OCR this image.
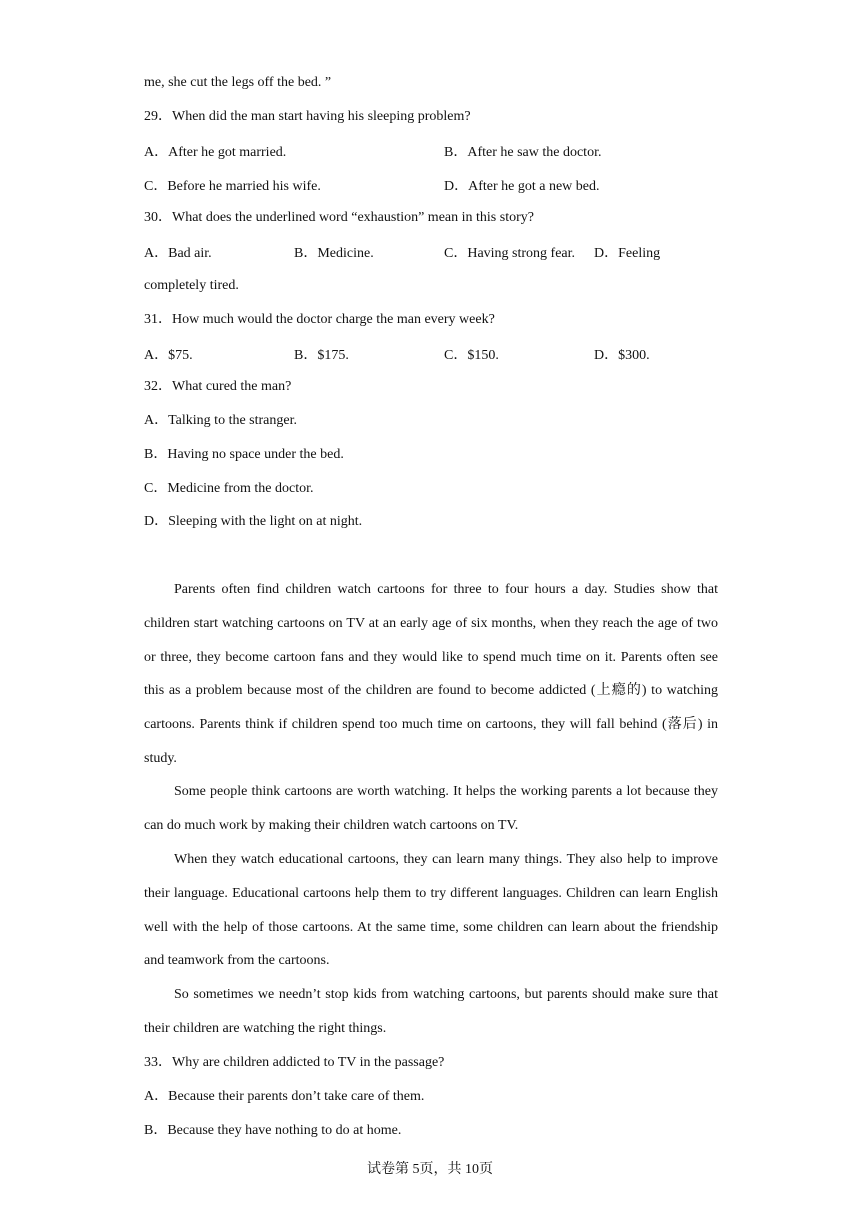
me, she cut the legs off the bed. ”
29．When did the man start having his sleeping problem?
A．After he got married.	B．After he saw the doctor.
C．Before he married his wife.	D．After he got a new bed.
30．What does the underlined word “exhaustion” mean in this story?
A．Bad air.	B．Medicine.	C．Having strong fear. D．Feeling
completely tired.
31．How much would the doctor charge the man every week?
A．$75.	B．$175.	C．$150.	D．$300.
32．What cured the man?
A．Talking to the stranger.
B．Having no space under the bed.
C．Medicine from the doctor.
D．Sleeping with the light on at night.

Parents often find children watch cartoons for three to four hours a day. Studies show that children start watching cartoons on TV at an early age of six months, when they reach the age of two or three, they become cartoon fans and they would like to spend much time on it. Parents often see this as a problem because most of the children are found to become addicted (上瘾的) to watching cartoons. Parents think if children spend too much time on cartoons, they will fall behind (落后) in study.

Some people think cartoons are worth watching. It helps the working parents a lot because they can do much work by making their children watch cartoons on TV.

When they watch educational cartoons, they can learn many things. They also help to improve their language. Educational cartoons help them to try different languages. Children can learn English well with the help of those cartoons. At the same time, some children can learn about the friendship and teamwork from the cartoons.

So sometimes we needn’t stop kids from watching cartoons, but parents should make sure that their children are watching the right things.

33．Why are children addicted to TV in the passage?
A．Because their parents don’t take care of them.
B．Because they have nothing to do at home.
试卷第 5页，共 10页
